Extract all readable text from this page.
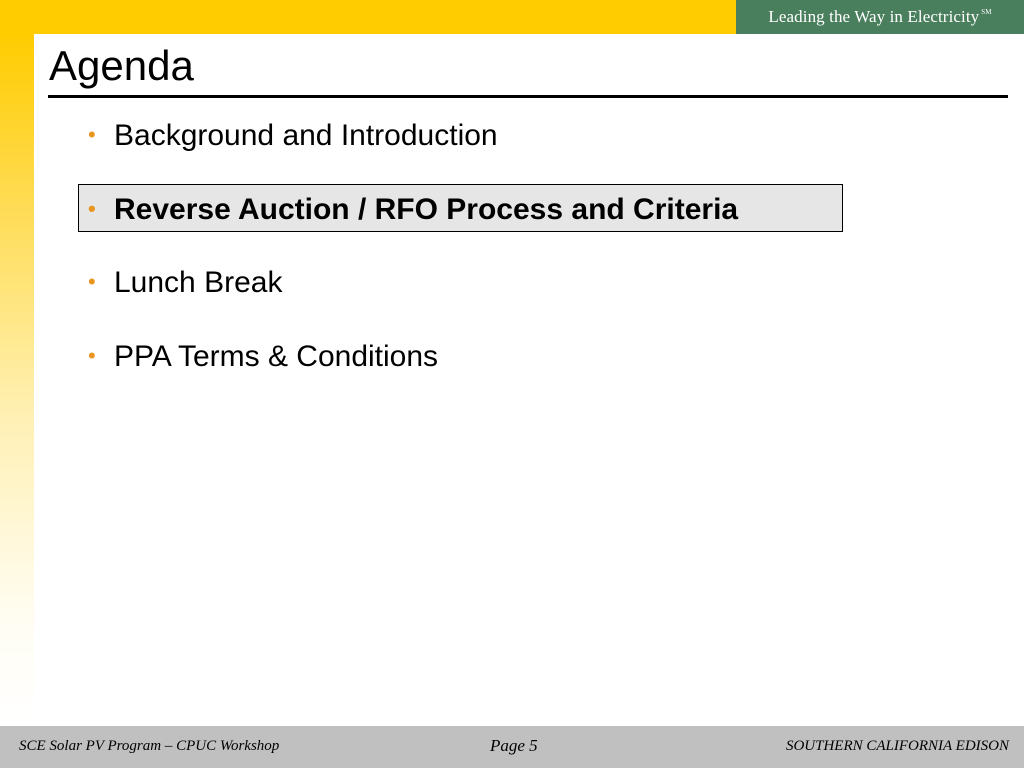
Leading the Way in Electricity ℠
Agenda
• Background and Introduction
• Reverse Auction / RFO Process and Criteria
• Lunch Break
• PPA Terms & Conditions
SCE Solar PV Program – CPUC Workshop	Page 5	SOUTHERN CALIFORNIA EDISON
